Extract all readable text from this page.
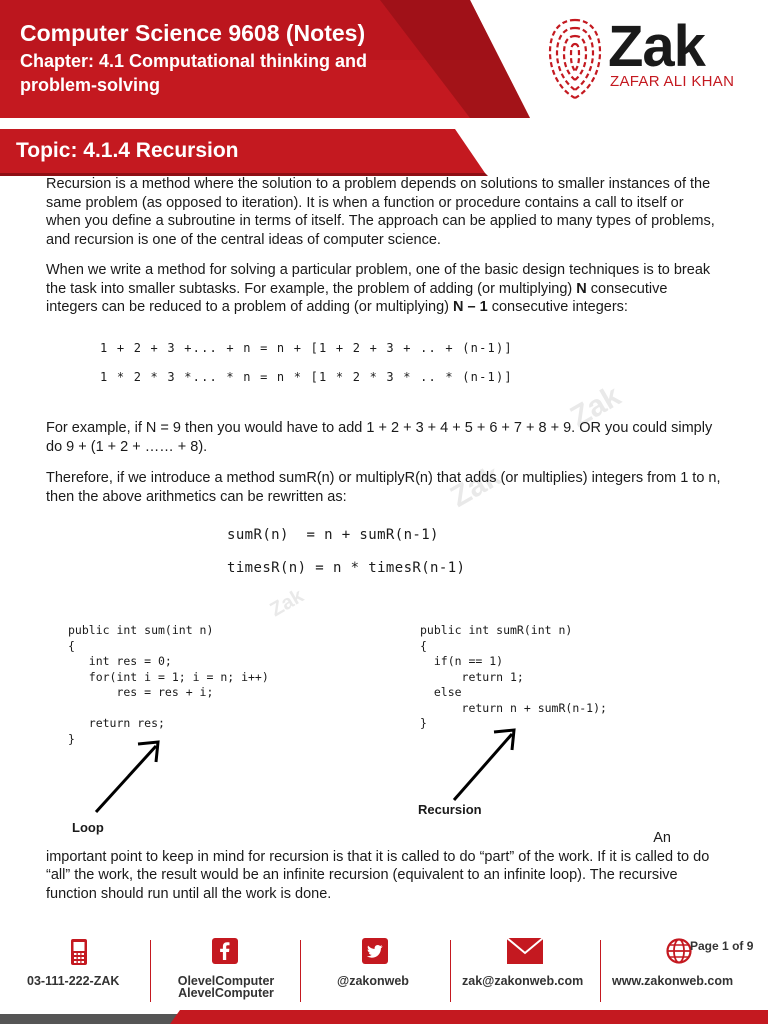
Computer Science 9608 (Notes)
Chapter: 4.1 Computational thinking and problem-solving
Zak
ZAFAR ALI KHAN
Topic: 4.1.4 Recursion
Zak
Zak
Zak
Recursion is a method where the solution to a problem depends on solutions to smaller instances of the same problem (as opposed to iteration). It is when a function or procedure contains a call to itself or when you define a subroutine in terms of itself. The approach can be applied to many types of problems, and recursion is one of the central ideas of computer science.
When we write a method for solving a particular problem, one of the basic design techniques is to break the task into smaller subtasks. For example, the problem of adding (or multiplying) N consecutive integers can be reduced to a problem of adding (or multiplying) N – 1 consecutive integers:
1 + 2 + 3 +... + n = n + [1 + 2 + 3 + .. + (n-1)]
1 * 2 * 3 *... * n = n * [1 * 2 * 3 * .. * (n-1)]
For example, if N = 9 then you would have to add 1 + 2 + 3 + 4 + 5 + 6 + 7 + 8 + 9. OR you could simply do 9 + (1 + 2 + …… + 8).
Therefore, if we introduce a method sumR(n) or multiplyR(n) that adds (or multiplies) integers from 1 to n, then the above arithmetics can be rewritten as:
sumR(n)  = n + sumR(n-1)
timesR(n) = n * timesR(n-1)
public int sum(int n)
{
int res = 0;
for(int i = 1; i = n; i++)
res = res + i;

return res;
}
public int sumR(int n)
{
if(n == 1)
return 1;
else
return n + sumR(n-1);
}
Loop
Recursion
An
important point to keep in mind for recursion is that it is called to do “part” of the work. If it is called to do “all” the work, the result would be an infinite recursion (equivalent to an infinite loop). The recursive function should run until all the work is done.
03-111-222-ZAK	OlevelComputer
AlevelComputer
@zakonweb	zak@zakonweb.com www.zakonweb.com
Page 1 of 9
